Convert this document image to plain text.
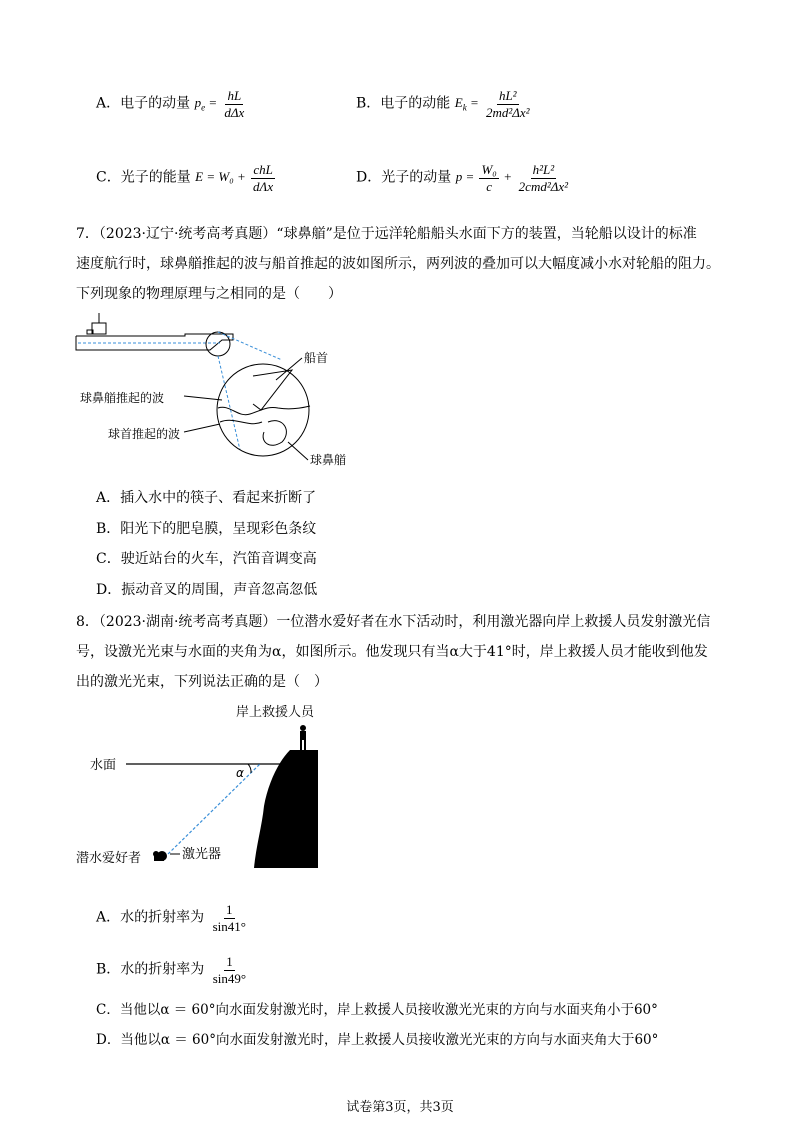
A．电子的动量 $p_e = \frac{hL}{\text{dΔx}}$	B．电子的动能 $E_k = \frac{\text{hL²}}{\text{2md²Δx²}}$
C．光子的能量 $E = W_0 + \frac{\text{chL}}{\text{dΛx}}$	D．光子的动量 $p = \frac{\text{W₀}}{c} + \frac{\text{h²L²}}{\text{2cmd²Δx²}}$
7．（2023·辽宁·统考高考真题）“球鼻艏”是位于远洋轮船船头水面下方的装置，当轮船以设计的标准
速度航行时，球鼻艏推起的波与船首推起的波如图所示，两列波的叠加可以大幅度减小水对轮船的阻力。
下列现象的物理原理与之相同的是（　　）
船首
球鼻艏推起的波
球首推起的波
球鼻艏
A．插入水中的筷子、看起来折断了
B．阳光下的肥皂膜，呈现彩色条纹
C．驶近站台的火车，汽笛音调变高
D．振动音叉的周围，声音忽高忽低
8．（2023·湖南·统考高考真题）一位潜水爱好者在水下活动时，利用激光器向岸上救援人员发射激光信
号，设激光光束与水面的夹角为α，如图所示。他发现只有当α大于41°时，岸上救援人员才能收到他发
出的激光光束，下列说法正确的是（　）
岸上救援人员
水面	α
潜水爱好者	激光器
A．水的折射率为 $\frac{1}{\sin 41^\circ}$
B．水的折射率为 $\frac{1}{\sin 49^\circ}$
C．当他以α ＝ 60°向水面发射激光时，岸上救援人员接收激光光束的方向与水面夹角小于60°
D．当他以α ＝ 60°向水面发射激光时，岸上救援人员接收激光光束的方向与水面夹角大于60°
试卷第3页，共3页
